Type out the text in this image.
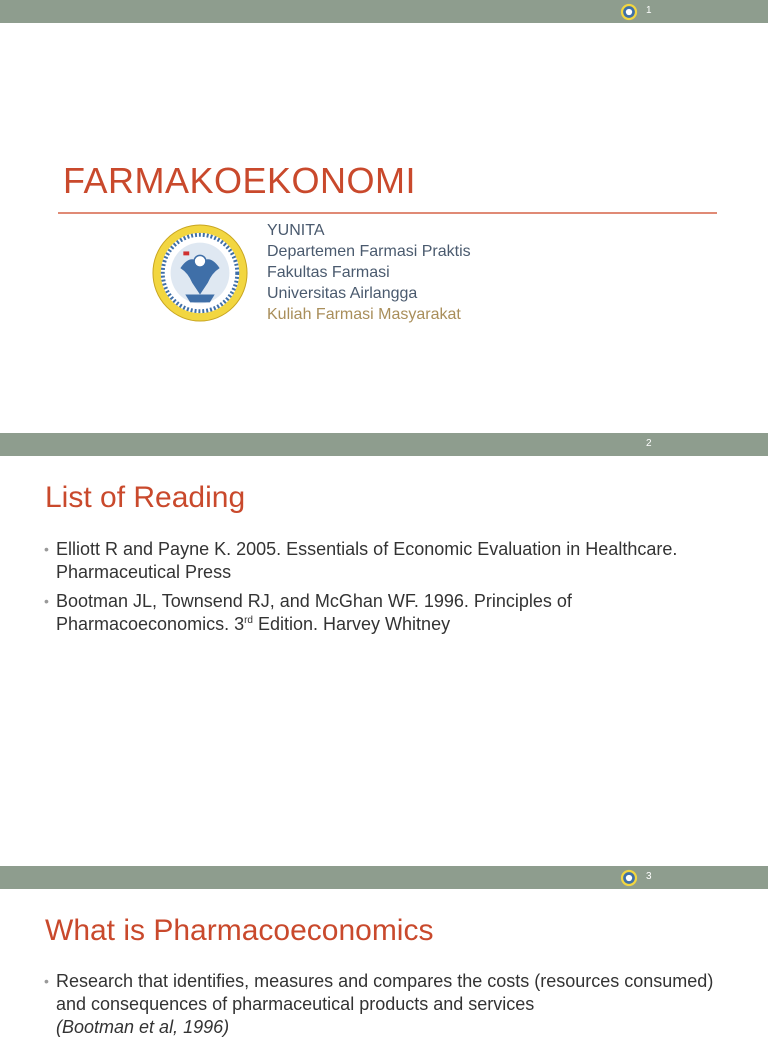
1
FARMAKOEKONOMI
YUNITA
Departemen Farmasi Praktis
Fakultas Farmasi
Universitas Airlangga
Kuliah Farmasi Masyarakat
2
List of Reading
• Elliott R and Payne K. 2005. Essentials of Economic Evaluation in Healthcare. Pharmaceutical Press
• Bootman JL, Townsend RJ, and McGhan WF. 1996. Principles of Pharmacoeconomics. 3rd Edition. Harvey Whitney
3
What is Pharmacoeconomics
• Research that identifies, measures and compares the costs (resources consumed) and consequences of pharmaceutical products and services
(Bootman et al, 1996)
